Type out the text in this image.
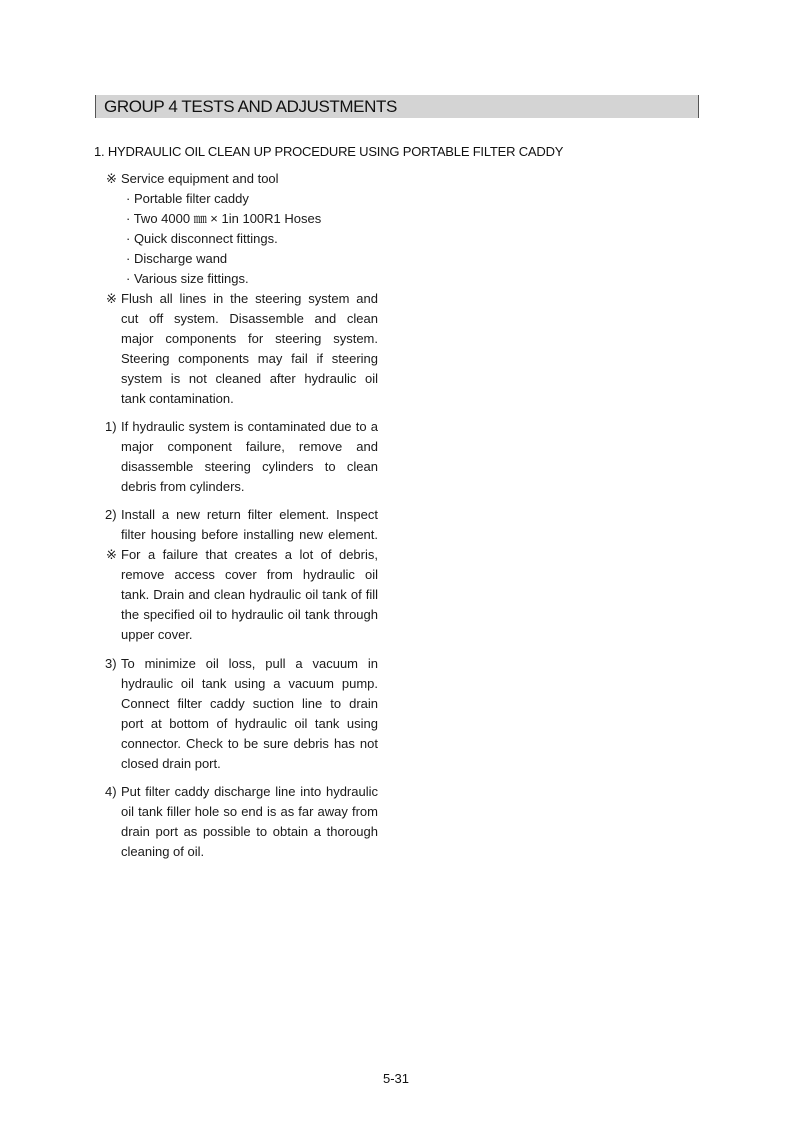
GROUP 4 TESTS AND ADJUSTMENTS
1. HYDRAULIC OIL CLEAN UP PROCEDURE USING PORTABLE FILTER CADDY
※ Service equipment and tool
· Portable filter caddy
· Two 4000 ㎜ × 1in 100R1 Hoses
· Quick disconnect fittings.
· Discharge wand
· Various size fittings.
※ Flush all lines in the steering system and
cut off system. Disassemble and clean
major components for steering system.
Steering components may fail if steering
system is not cleaned after hydraulic oil
tank contamination.
1) If hydraulic system is contaminated due to a
major component failure, remove and
disassemble steering cylinders to clean
debris from cylinders.
2) Install a new return filter element. Inspect
filter housing before installing new element.
※ For a failure that creates a lot of debris,
remove access cover from hydraulic oil
tank. Drain and clean hydraulic oil tank of fill
the specified oil to hydraulic oil tank through
upper cover.
3) To minimize oil loss, pull a vacuum in
hydraulic oil tank using a vacuum pump.
Connect filter caddy suction line to drain
port at bottom of hydraulic oil tank using
connector. Check to be sure debris has not
closed drain port.
4) Put filter caddy discharge line into hydraulic
oil tank filler hole so end is as far away from
drain port as possible to obtain a thorough
cleaning of oil.
5-31
